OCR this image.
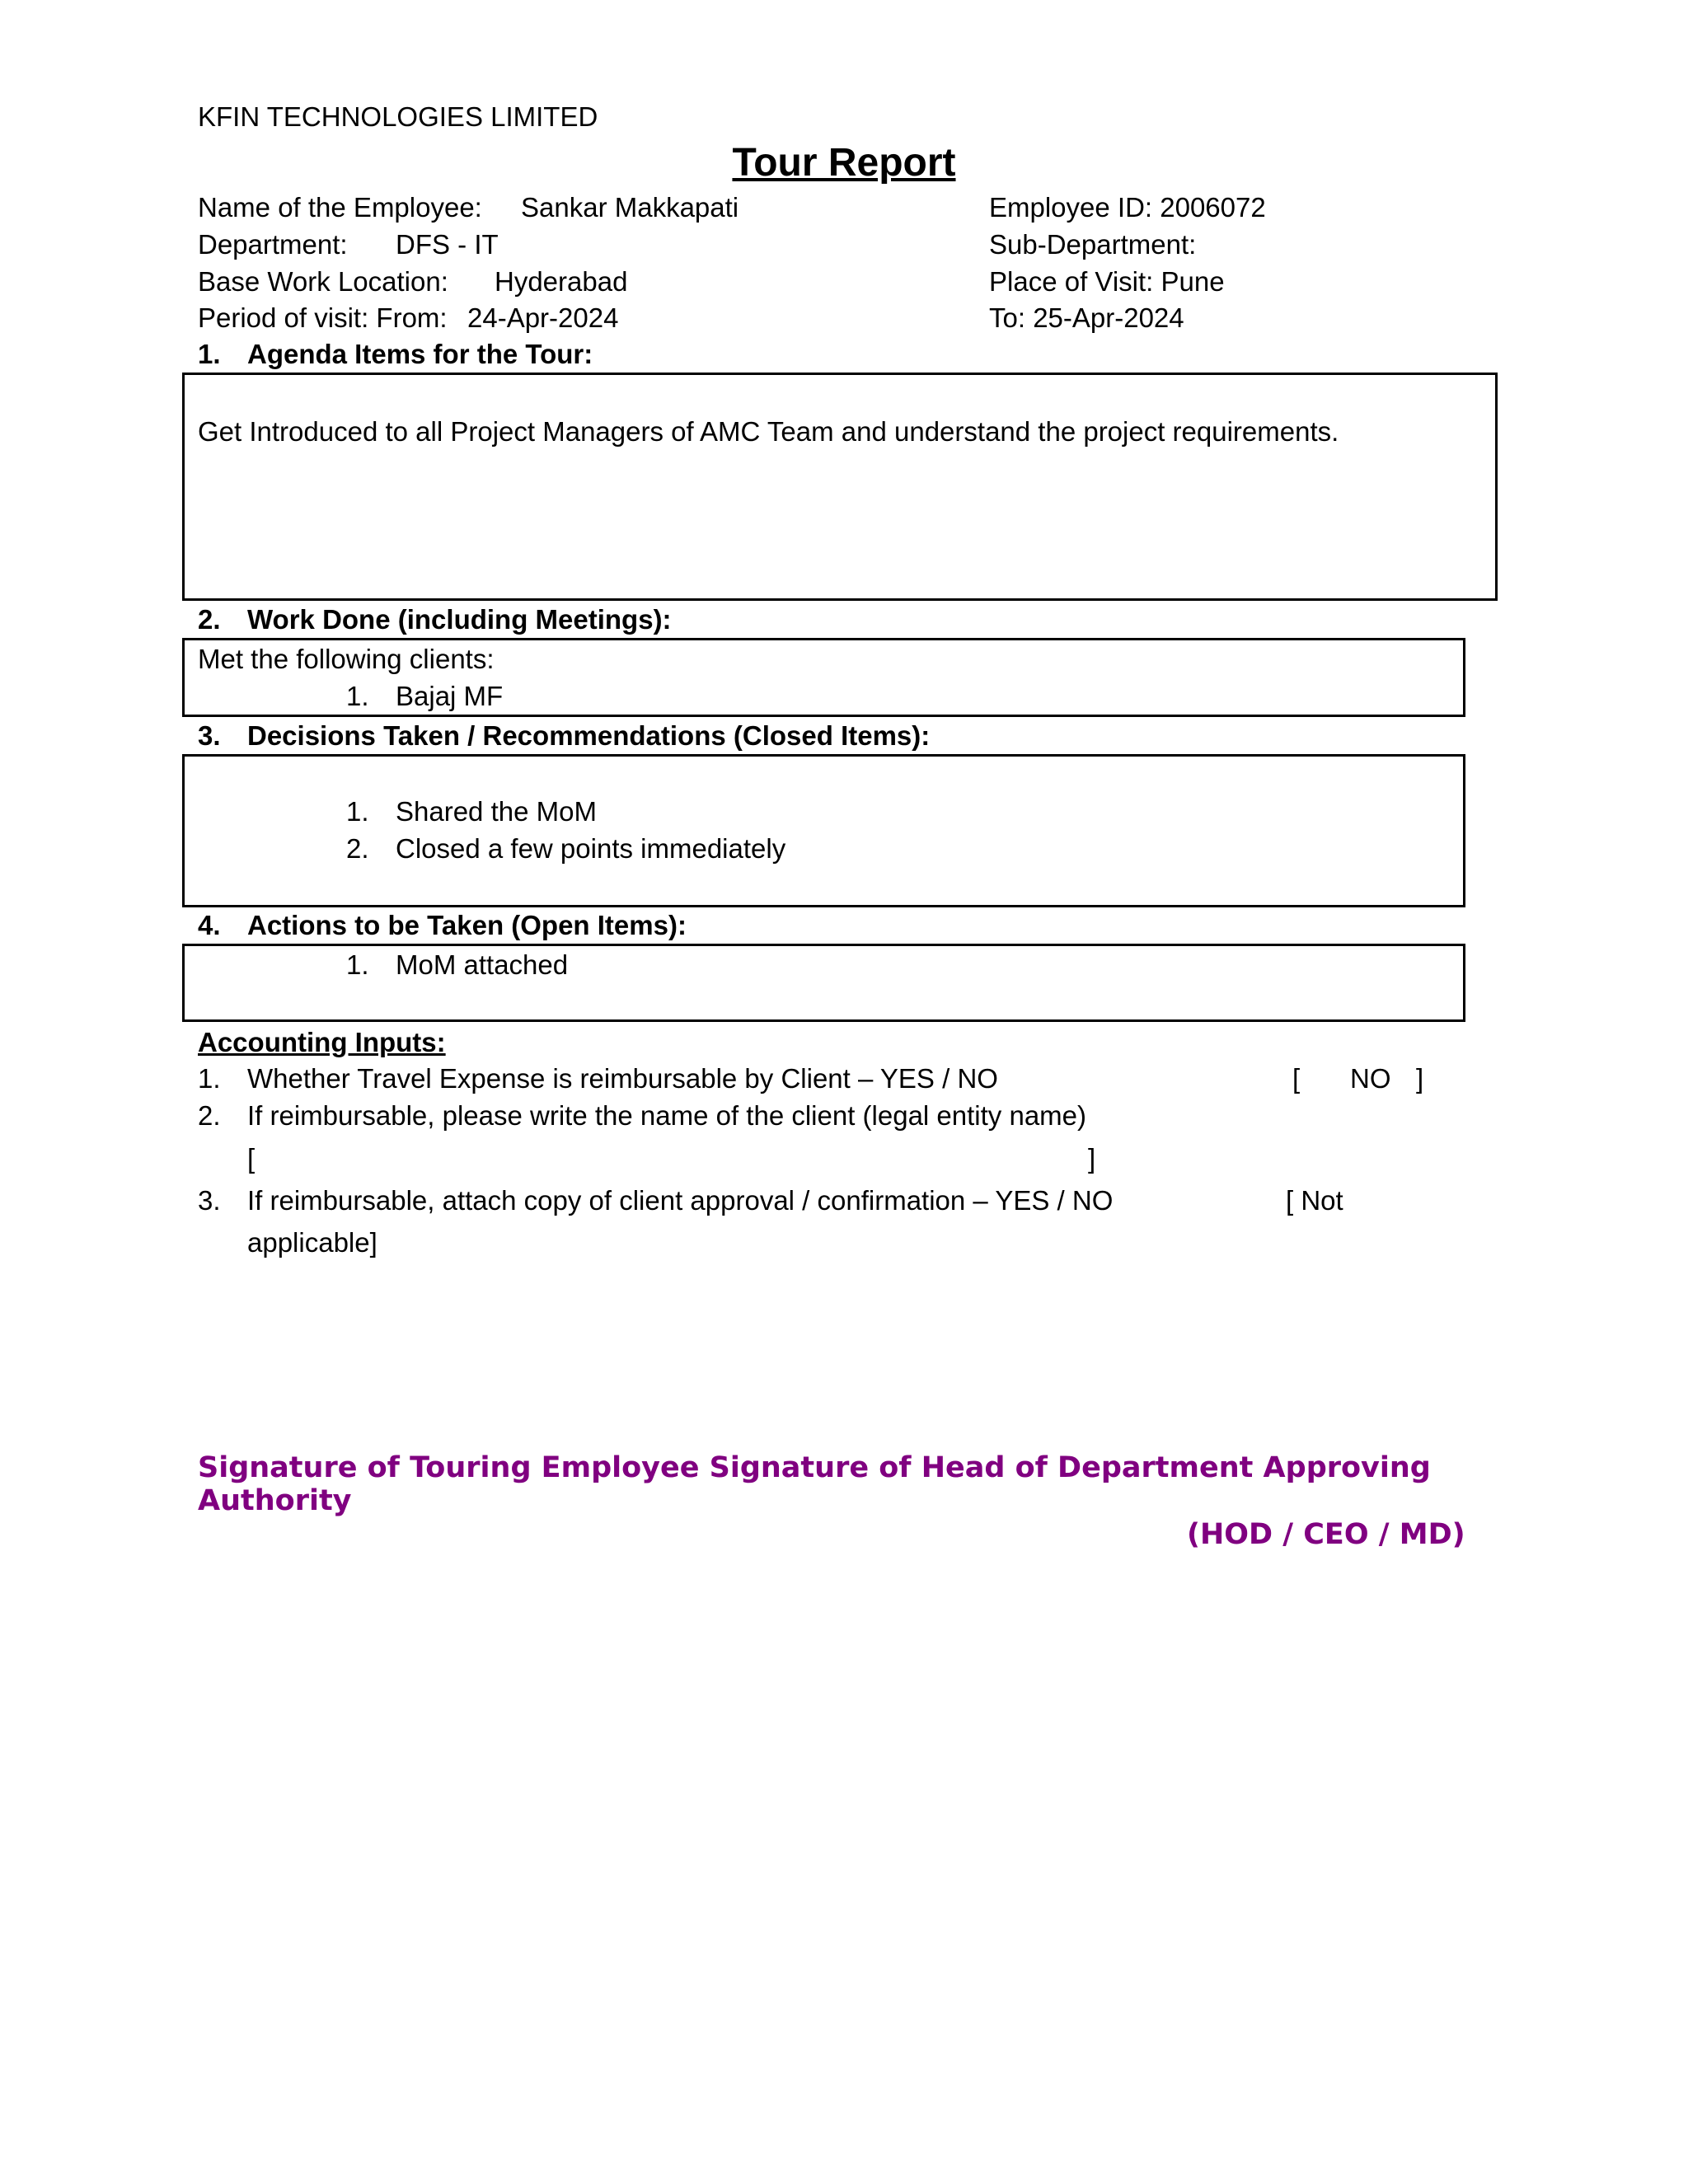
KFIN TECHNOLOGIES LIMITED
Tour Report
Name of the Employee: Sankar Makkapati	Employee ID: 2006072
Department: DFS - IT	Sub-Department:
Base Work Location: Hyderabad	Place of Visit: Pune
Period of visit: From: 24-Apr-2024	To: 25-Apr-2024
1. Agenda Items for the Tour:
Get Introduced to all Project Managers of AMC Team and understand the project requirements.
2. Work Done (including Meetings):
Met the following clients:
1. Bajaj MF
3. Decisions Taken / Recommendations (Closed Items):
1. Shared the MoM
2. Closed a few points immediately
4. Actions to be Taken (Open Items):
1. MoM attached
Accounting Inputs:
1. Whether Travel Expense is reimbursable by Client – YES / NO	[ NO ]
2. If reimbursable, please write the name of the client (legal entity name)
[	]
3. If reimbursable, attach copy of client approval / confirmation – YES / NO	[ Not
applicable]
Signature of Touring Employee Signature of Head of Department Approving
Authority
(HOD / CEO / MD)
